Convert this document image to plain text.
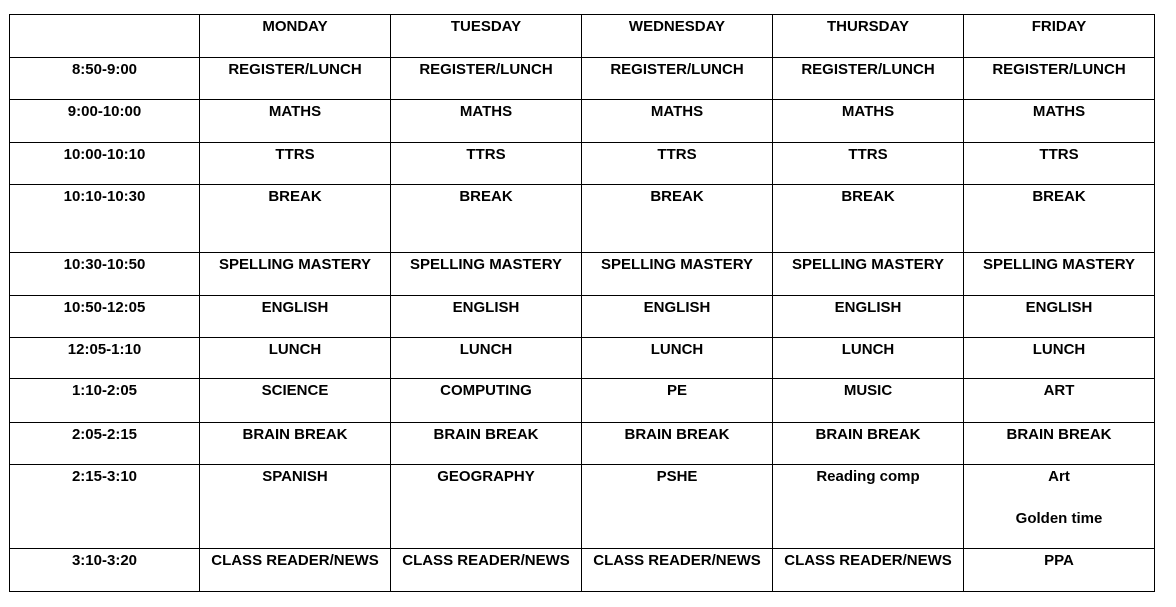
	MONDAY	TUESDAY	WEDNESDAY	THURSDAY	FRIDAY
8:50-9:00	REGISTER/LUNCH	REGISTER/LUNCH	REGISTER/LUNCH	REGISTER/LUNCH	REGISTER/LUNCH
9:00-10:00	MATHS	MATHS	MATHS	MATHS	MATHS
10:00-10:10	TTRS	TTRS	TTRS	TTRS	TTRS
10:10-10:30	BREAK	BREAK	BREAK	BREAK	BREAK
10:30-10:50	SPELLING MASTERY	SPELLING MASTERY	SPELLING MASTERY	SPELLING MASTERY	SPELLING MASTERY
10:50-12:05	ENGLISH	ENGLISH	ENGLISH	ENGLISH	ENGLISH
12:05-1:10	LUNCH	LUNCH	LUNCH	LUNCH	LUNCH
1:10-2:05	SCIENCE	COMPUTING	PE	MUSIC	ART
2:05-2:15	BRAIN BREAK	BRAIN BREAK	BRAIN BREAK	BRAIN BREAK	BRAIN BREAK
2:15-3:10	SPANISH	GEOGRAPHY	PSHE	Reading comp	Art
Golden time

3:10-3:20	CLASS READER/NEWS	CLASS READER/NEWS	CLASS READER/NEWS	CLASS READER/NEWS	PPA
